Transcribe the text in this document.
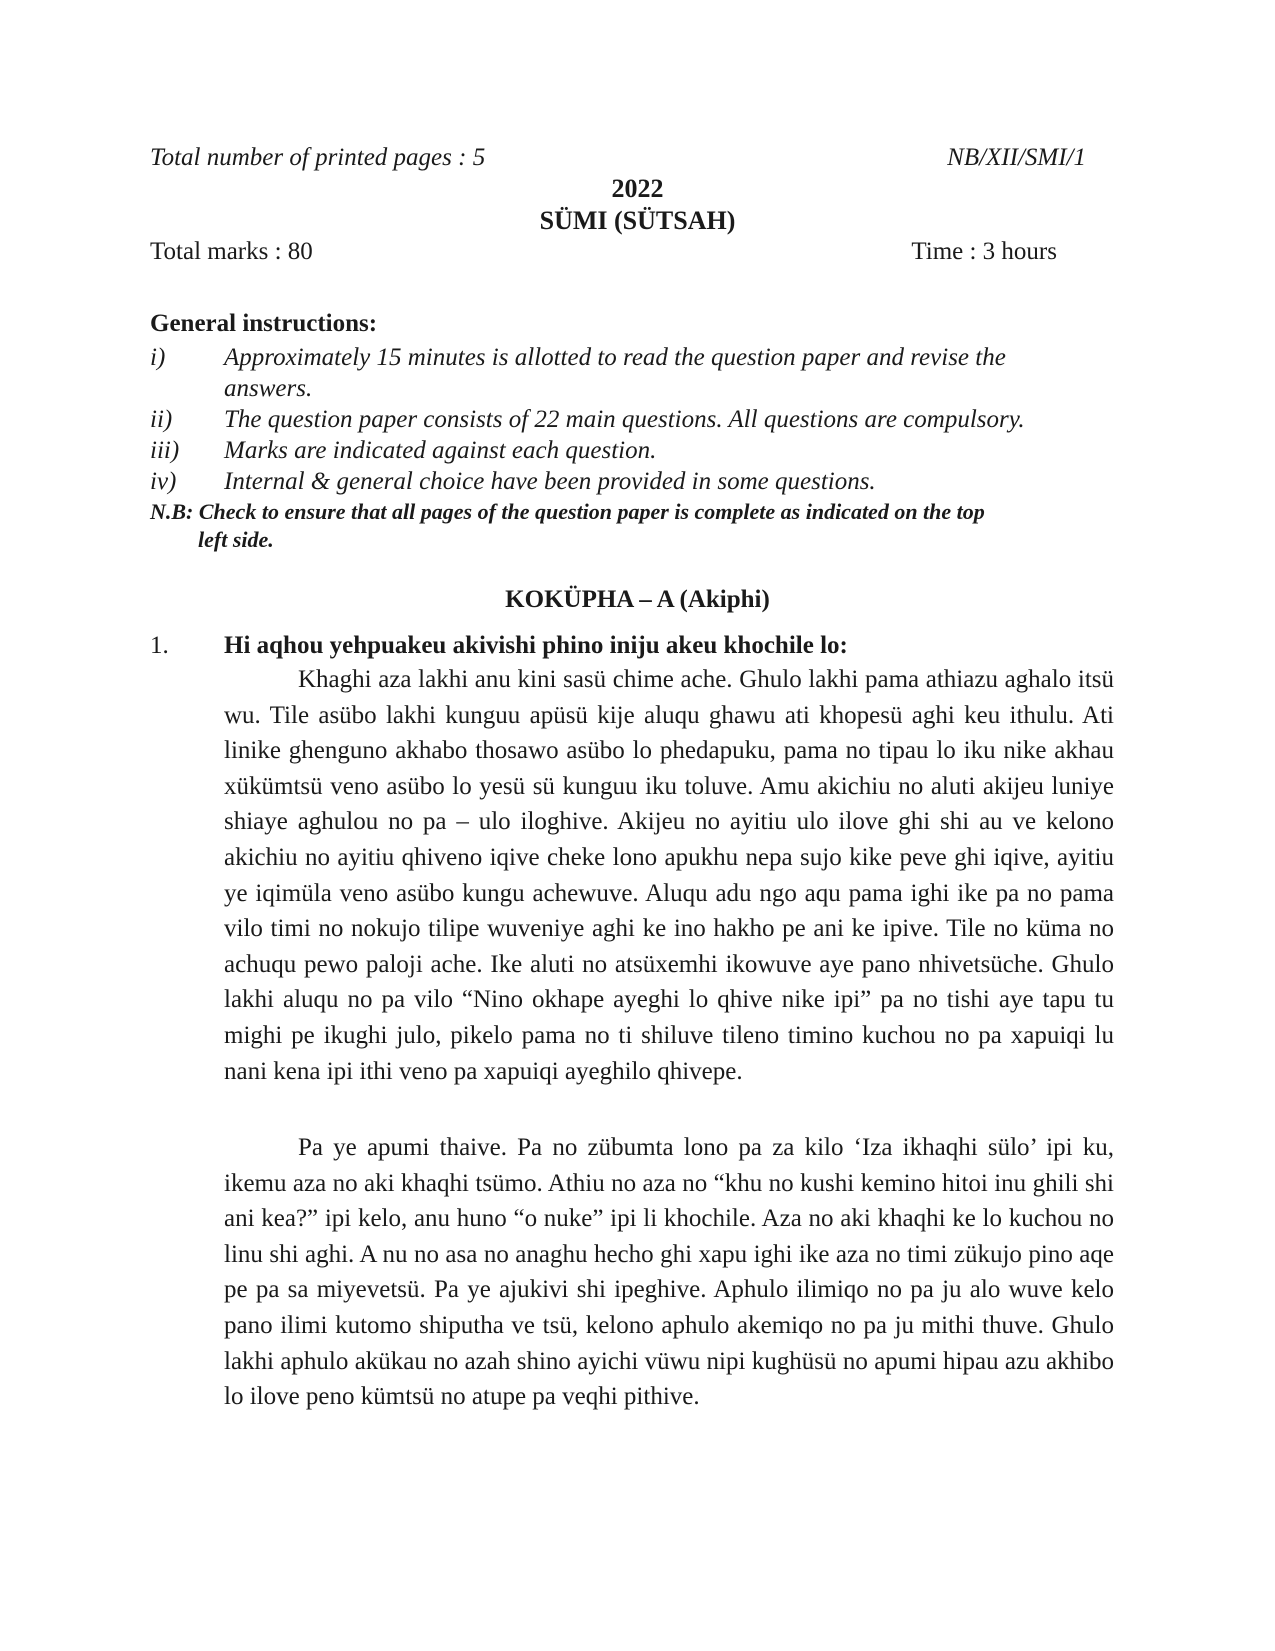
Total number of printed pages : 5	NB/XII/SMI/1
2022
SÜMI (SÜTSAH)
Total marks : 80	Time : 3 hours
General instructions:
i)	Approximately 15 minutes is allotted to read the question paper and revise the answers.
ii)	The question paper consists of 22 main questions. All questions are compulsory.
iii)	Marks are indicated against each question.
iv)	Internal & general choice have been provided in some questions.
N.B: Check to ensure that all pages of the question paper is complete as indicated on the top
left side.
KOKÜPHA – A (Akiphi)
1.	Hi aqhou yehpuakeu akivishi phino iniju akeu khochile lo:

Khaghi aza lakhi anu kini sasü chime ache. Ghulo lakhi pama athiazu aghalo itsü wu. Tile asübo lakhi kunguu apüsü kije aluqu ghawu ati khopesü aghi keu ithulu. Ati linike ghenguno akhabo thosawo asübo lo phedapuku, pama no tipau lo iku nike akhau xükümtsü veno asübo lo yesü sü kunguu iku toluve. Amu akichiu no aluti akijeu luniye shiaye aghulou no pa – ulo iloghive. Akijeu no ayitiu ulo ilove ghi shi au ve kelono akichiu no ayitiu qhiveno iqive cheke lono apukhu nepa sujo kike peve ghi iqive, ayitiu ye iqimüla veno asübo kungu achewuve. Aluqu adu ngo aqu pama ighi ike pa no pama vilo timi no nokujo tilipe wuveniye aghi ke ino hakho pe ani ke ipive. Tile no küma no achuqu pewo paloji ache. Ike aluti no atsüxemhi ikowuve aye pano nhivetsüche. Ghulo lakhi aluqu no pa vilo “Nino okhape ayeghi lo qhive nike ipi” pa no tishi aye tapu tu mighi pe ikughi julo, pikelo pama no ti shiluve tileno timino kuchou no pa xapuiqi lu nani kena ipi ithi veno pa xapuiqi ayeghilo qhivepe.

Pa ye apumi thaive. Pa no zübumta lono pa za kilo ‘Iza ikhaqhi sülo’ ipi ku, ikemu aza no aki khaqhi tsümo. Athiu no aza no “khu no kushi kemino hitoi inu ghili shi ani kea?” ipi kelo, anu huno “o nuke” ipi li khochile. Aza no aki khaqhi ke lo kuchou no linu shi aghi. A nu no asa no anaghu hecho ghi xapu ighi ike aza no timi zükujo pino aqe pe pa sa miyevetsü. Pa ye ajukivi shi ipeghive. Aphulo ilimiqo no pa ju alo wuve kelo pano ilimi kutomo shiputha ve tsü, kelono aphulo akemiqo no pa ju mithi thuve. Ghulo lakhi aphulo akükau no azah shino ayichi vüwu nipi kughüsü no apumi hipau azu akhibo lo ilove peno kümtsü no atupe pa veqhi pithive.
